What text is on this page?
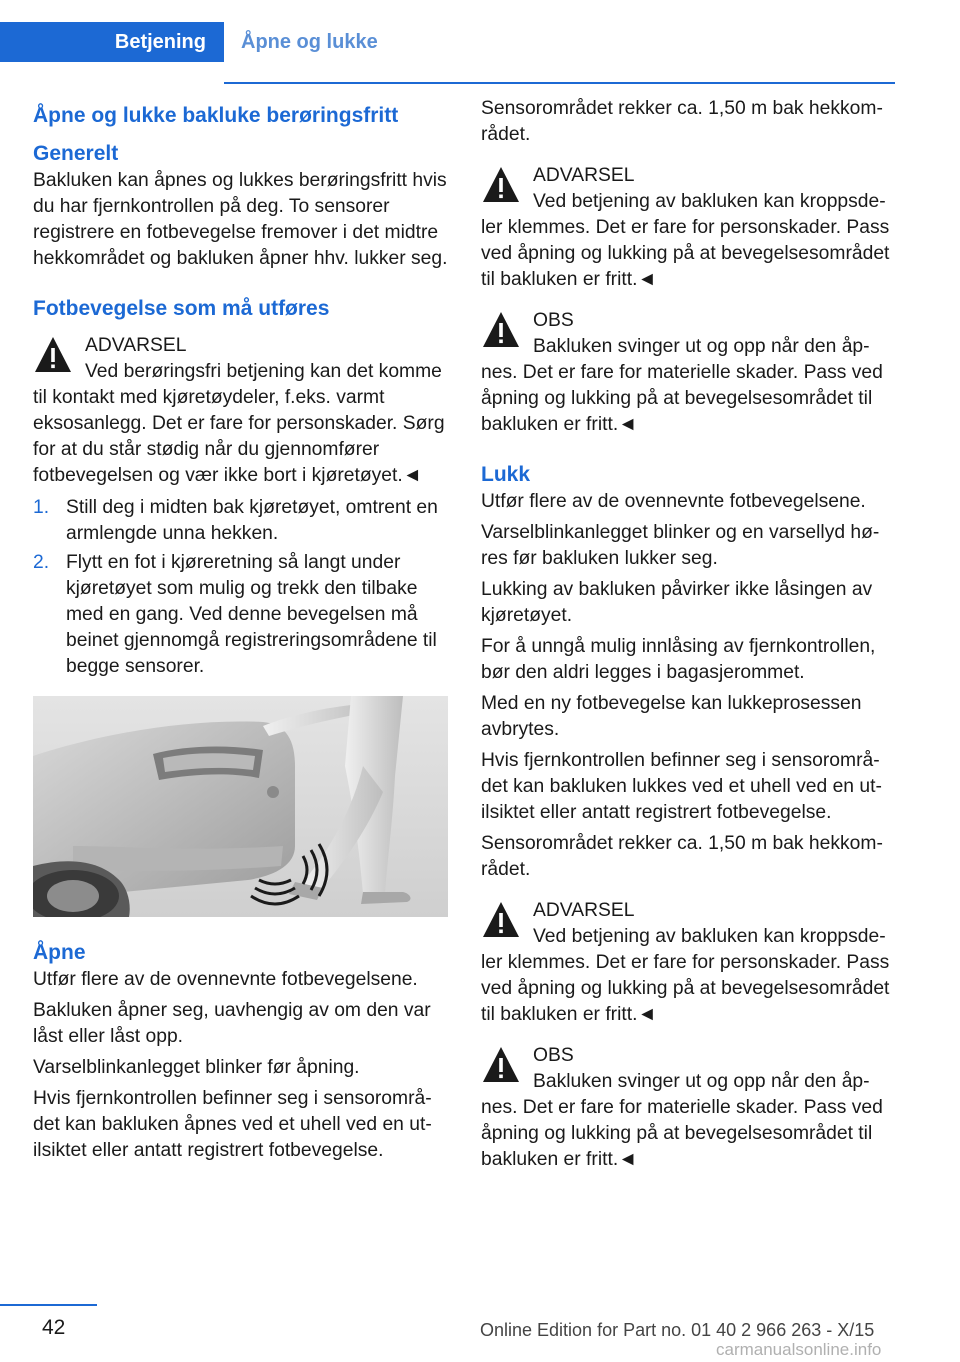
Betjening	Åpne og lukke
Åpne og lukke bakluke berøringsfritt
Generelt

Bakluken kan åpnes og lukkes berøringsfritt hvis du har fjernkontrollen på deg. To sensorer registrere en fotbevegelse fremover i det midtre hekkområdet og bakluken åpner hhv. lukker seg.

Fotbevegelse som må utføres
ADVARSEL
Ved berøringsfri betjening kan det komme til kontakt med kjøretøydeler, f.eks. varmt eksosanlegg. Det er fare for personskader. Sørg for at du står stødig når du gjennomfører fotbevegelsen og vær ikke bort i kjøretøyet.◄
1. Still deg i midten bak kjøretøyet, omtrent en armlengde unna hekken.
2. Flytt en fot i kjøreretning så langt under kjøretøyet som mulig og trekk den tilbake med en gang. Ved denne bevegelsen må beinet gjennomgå registreringsområdene til begge sensorer.
Åpne

Utfør flere av de ovennevnte fotbevegelsene.

Bakluken åpner seg, uavhengig av om den var låst eller låst opp.

Varselblinkanlegget blinker før åpning.

Hvis fjernkontrollen befinner seg i sensorområdet kan bakluken åpnes ved et uhell ved en utilsiktet eller antatt registrert fotbevegelse.

Sensorområdet rekker ca. 1,50 m bak hekkområdet.

ADVARSEL
Ved betjening av bakluken kan kroppsdeler klemmes. Det er fare for personskader. Pass ved åpning og lukking på at bevegelsesområdet til bakluken er fritt.◄
OBS
Bakluken svinger ut og opp når den åpnes. Det er fare for materielle skader. Pass ved åpning og lukking på at bevegelsesområdet til bakluken er fritt.◄
Lukk

Utfør flere av de ovennevnte fotbevegelsene.

Varselblinkanlegget blinker og en varsellyd høres før bakluken lukker seg.

Lukking av bakluken påvirker ikke låsingen av kjøretøyet.

For å unngå mulig innlåsing av fjernkontrollen, bør den aldri legges i bagasjerommet.

Med en ny fotbevegelse kan lukkeprosessen avbrytes.

Hvis fjernkontrollen befinner seg i sensorområdet kan bakluken lukkes ved et uhell ved en utilsiktet eller antatt registrert fotbevegelse.

Sensorområdet rekker ca. 1,50 m bak hekkområdet.

ADVARSEL
Ved betjening av bakluken kan kroppsdeler klemmes. Det er fare for personskader. Pass ved åpning og lukking på at bevegelsesområdet til bakluken er fritt.◄
OBS
Bakluken svinger ut og opp når den åpnes. Det er fare for materielle skader. Pass ved åpning og lukking på at bevegelsesområdet til bakluken er fritt.◄
42	Online Edition for Part no. 01 40 2 966 263 - X/15
carmanualsonline.info
